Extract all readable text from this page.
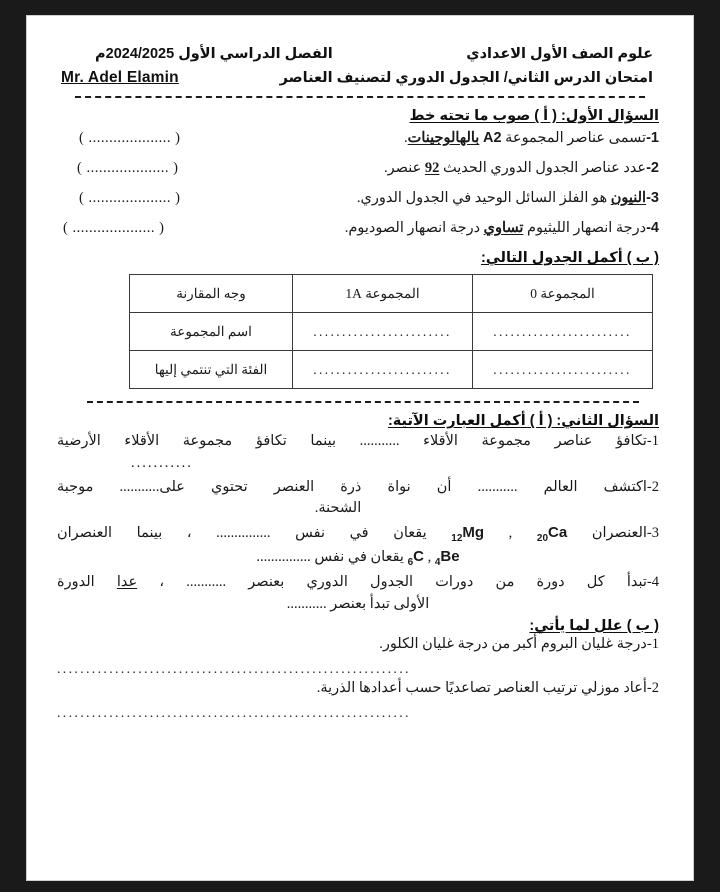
علوم الصف الأول الاعدادي
الفصل الدراسي الأول 2024/2025م
امتحان الدرس الثاني/ الجدول الدوري لتصنيف العناصر
Mr. Adel Elamin
السؤال الأول: ( أ ) صوب ما تحته خط
1-تسمى عناصر المجموعة A2 بالهالوجينات.
( .................... )
2-عدد عناصر الجدول الدوري الحديث 92 عنصر.
( .................... )
3-النيون هو الفلز السائل الوحيد في الجدول الدوري.
( .................... )
4-درجة انصهار الليثيوم تساوي درجة انصهار الصوديوم.
( .................... )
( ب ) أكمل الجدول التالي:
المجموعة 0	المجموعة 1A	وجه المقارنة
........................	........................	اسم المجموعة
........................	........................	الفئة التي تنتمي إليها
السؤال الثاني: ( أ ) أكمل العبارت الآتية:
1-تكافؤ عناصر مجموعة الأقلاء ........... بينما تكافؤ مجموعة الأقلاء الأرضية
...........
2-اكتشف العالم ........... أن نواة ذرة العنصر تحتوي على........... موجبة
الشحنة.
3-العنصران $_{20}$Ca , $_{12}$Mg يقعان في نفس ............... ، بينما العنصران
$_4$Be , $_6$C يقعان في نفس ...............
4-تبدأ كل دورة من دورات الجدول الدوري بعنصر ........... ، عدا الدورة
الأولى تبدأ بعنصر ...........
( ب ) علل لما يأتي:
1-درجة غليان البروم أكبر من درجة غليان الكلور.
.............................................................
2-أعاد موزلي ترتيب العناصر تصاعديًا حسب أعدادها الذرية.
.............................................................
